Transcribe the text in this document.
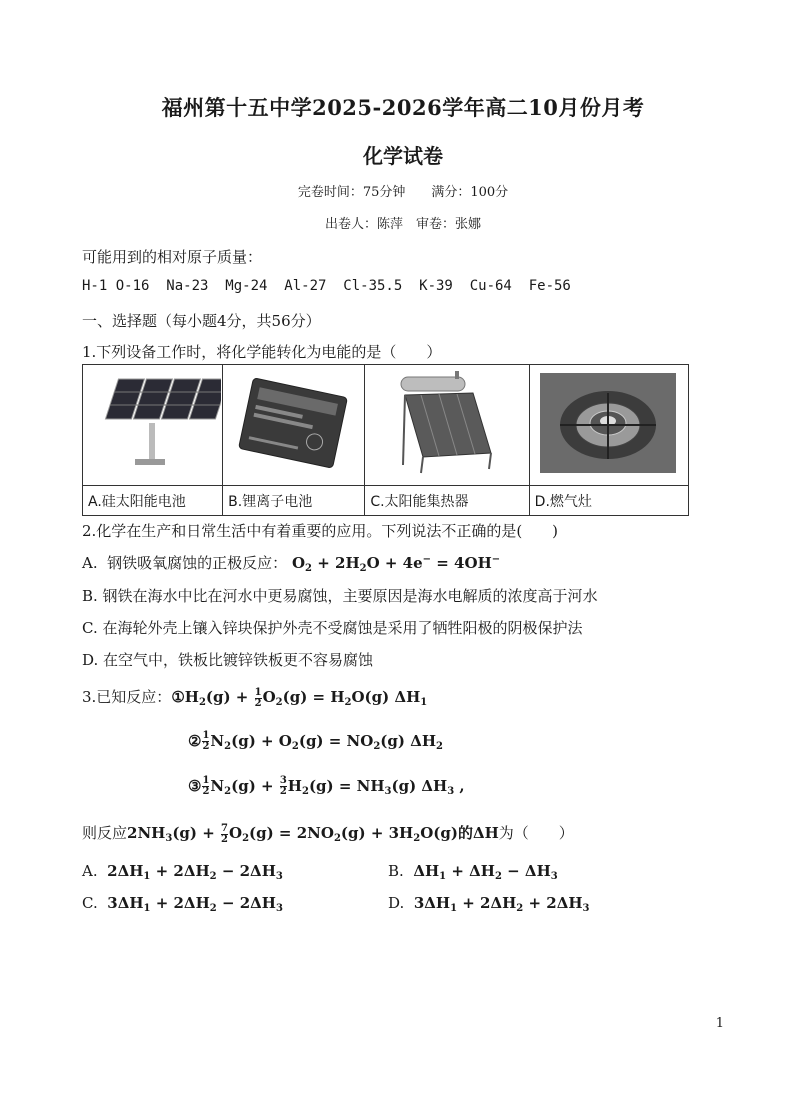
福州第十五中学2025-2026学年高二10月份月考
化学试卷
完卷时间：75分钟　　满分：100分
出卷人：陈萍　审卷：张娜
可能用到的相对原子质量：
H-1 O-16  Na-23  Mg-24  Al-27  Cl-35.5  K-39  Cu-64  Fe-56
一、选择题（每小题4分，共56分）
1.下列设备工作时，将化学能转化为电能的是（　　）

A.硅太阳能电池	B.锂离子电池	C.太阳能集热器	D.燃气灶
2.化学在生产和日常生活中有着重要的应用。下列说法不正确的是(　　)
A. 钢铁吸氧腐蚀的正极反应： $O_2 + 2H_2O + 4e^- = 4OH^-$
B. 钢铁在海水中比在河水中更易腐蚀，主要原因是海水电解质的浓度高于河水
C. 在海轮外壳上镶入锌块保护外壳不受腐蚀是采用了牺牲阳极的阴极保护法
D. 在空气中，铁板比镀锌铁板更不容易腐蚀
3.已知反应：$①H_2(g) + \frac{1}{2} O_2(g) = H_2O(g)$ $\Delta H_1$
② $\frac{1}{2} N_2(g) + O_2(g) = NO_2(g)$ $\Delta H_2$
③ $\frac{1}{2} N_2(g) + \frac{3}{2} H_2(g) = NH_3(g)$ $\Delta H_3$ ,
则反应$2NH_3(g) + \frac{7}{2} O_2(g) = 2NO_2(g) + 3H_2O(g)$的ΔH为（　　）
A. $2\Delta H_1 + 2\Delta H_2 - 2\Delta H_3$	B. $\Delta H_1 + \Delta H_2 - \Delta H_3$
C. $3\Delta H_1 + 2\Delta H_2 - 2\Delta H_3$	D. $3\Delta H_1 + 2\Delta H_2 + 2\Delta H_3$
1
